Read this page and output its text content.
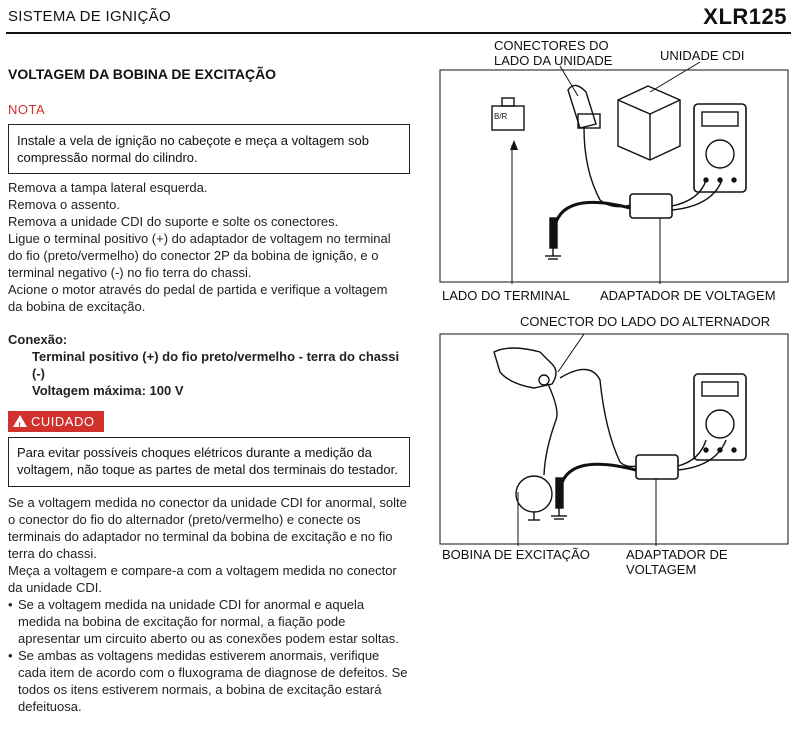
SISTEMA DE IGNIÇÃO	XLR125
VOLTAGEM DA BOBINA DE EXCITAÇÃO
NOTA
Instale a vela de ignição no cabeçote e meça a voltagem sob compressão normal do cilindro.
Remova a tampa lateral esquerda.
Remova o assento.
Remova a unidade CDI do suporte e solte os conectores.
Ligue o terminal positivo (+) do adaptador de voltagem no terminal do fio (preto/vermelho) do conector 2P da bobina de ignição, e o terminal negativo (-) no fio terra do chassi.
Acione o motor através do pedal de partida e verifique a voltagem da bobina de excitação.
Conexão:
Terminal positivo (+) do fio preto/vermelho - terra do chassi (-)
Voltagem máxima: 100 V
!CUIDADO
Para evitar possíveis choques elétricos durante a medição da voltagem, não toque as partes de metal dos terminais do testador.
Se a voltagem medida no conector da unidade CDI for anormal, solte o conector do fio do alternador (preto/vermelho) e conecte os terminais do adaptador no terminal da bobina de excitação e no fio terra do chassi.
Meça a voltagem e compare-a com a voltagem medida no conector da unidade CDI.
• Se a voltagem medida na unidade CDI for anormal e aquela medida na bobina de excitação for normal, a fiação pode apresentar um circuito aberto ou as conexões podem estar soltas.
• Se ambas as voltagens medidas estiverem anormais, verifique cada item de acordo com o fluxograma de diagnose de defeitos. Se todos os itens estiverem normais, a bobina de excitação estará defeituosa.
CONECTORES DO LADO DA UNIDADE	UNIDADE CDI
B/R
LADO DO TERMINAL ADAPTADOR DE VOLTAGEM
CONECTOR DO LADO DO ALTERNADOR
BOBINA DE EXCITAÇÃO	ADAPTADOR DE VOLTAGEM
